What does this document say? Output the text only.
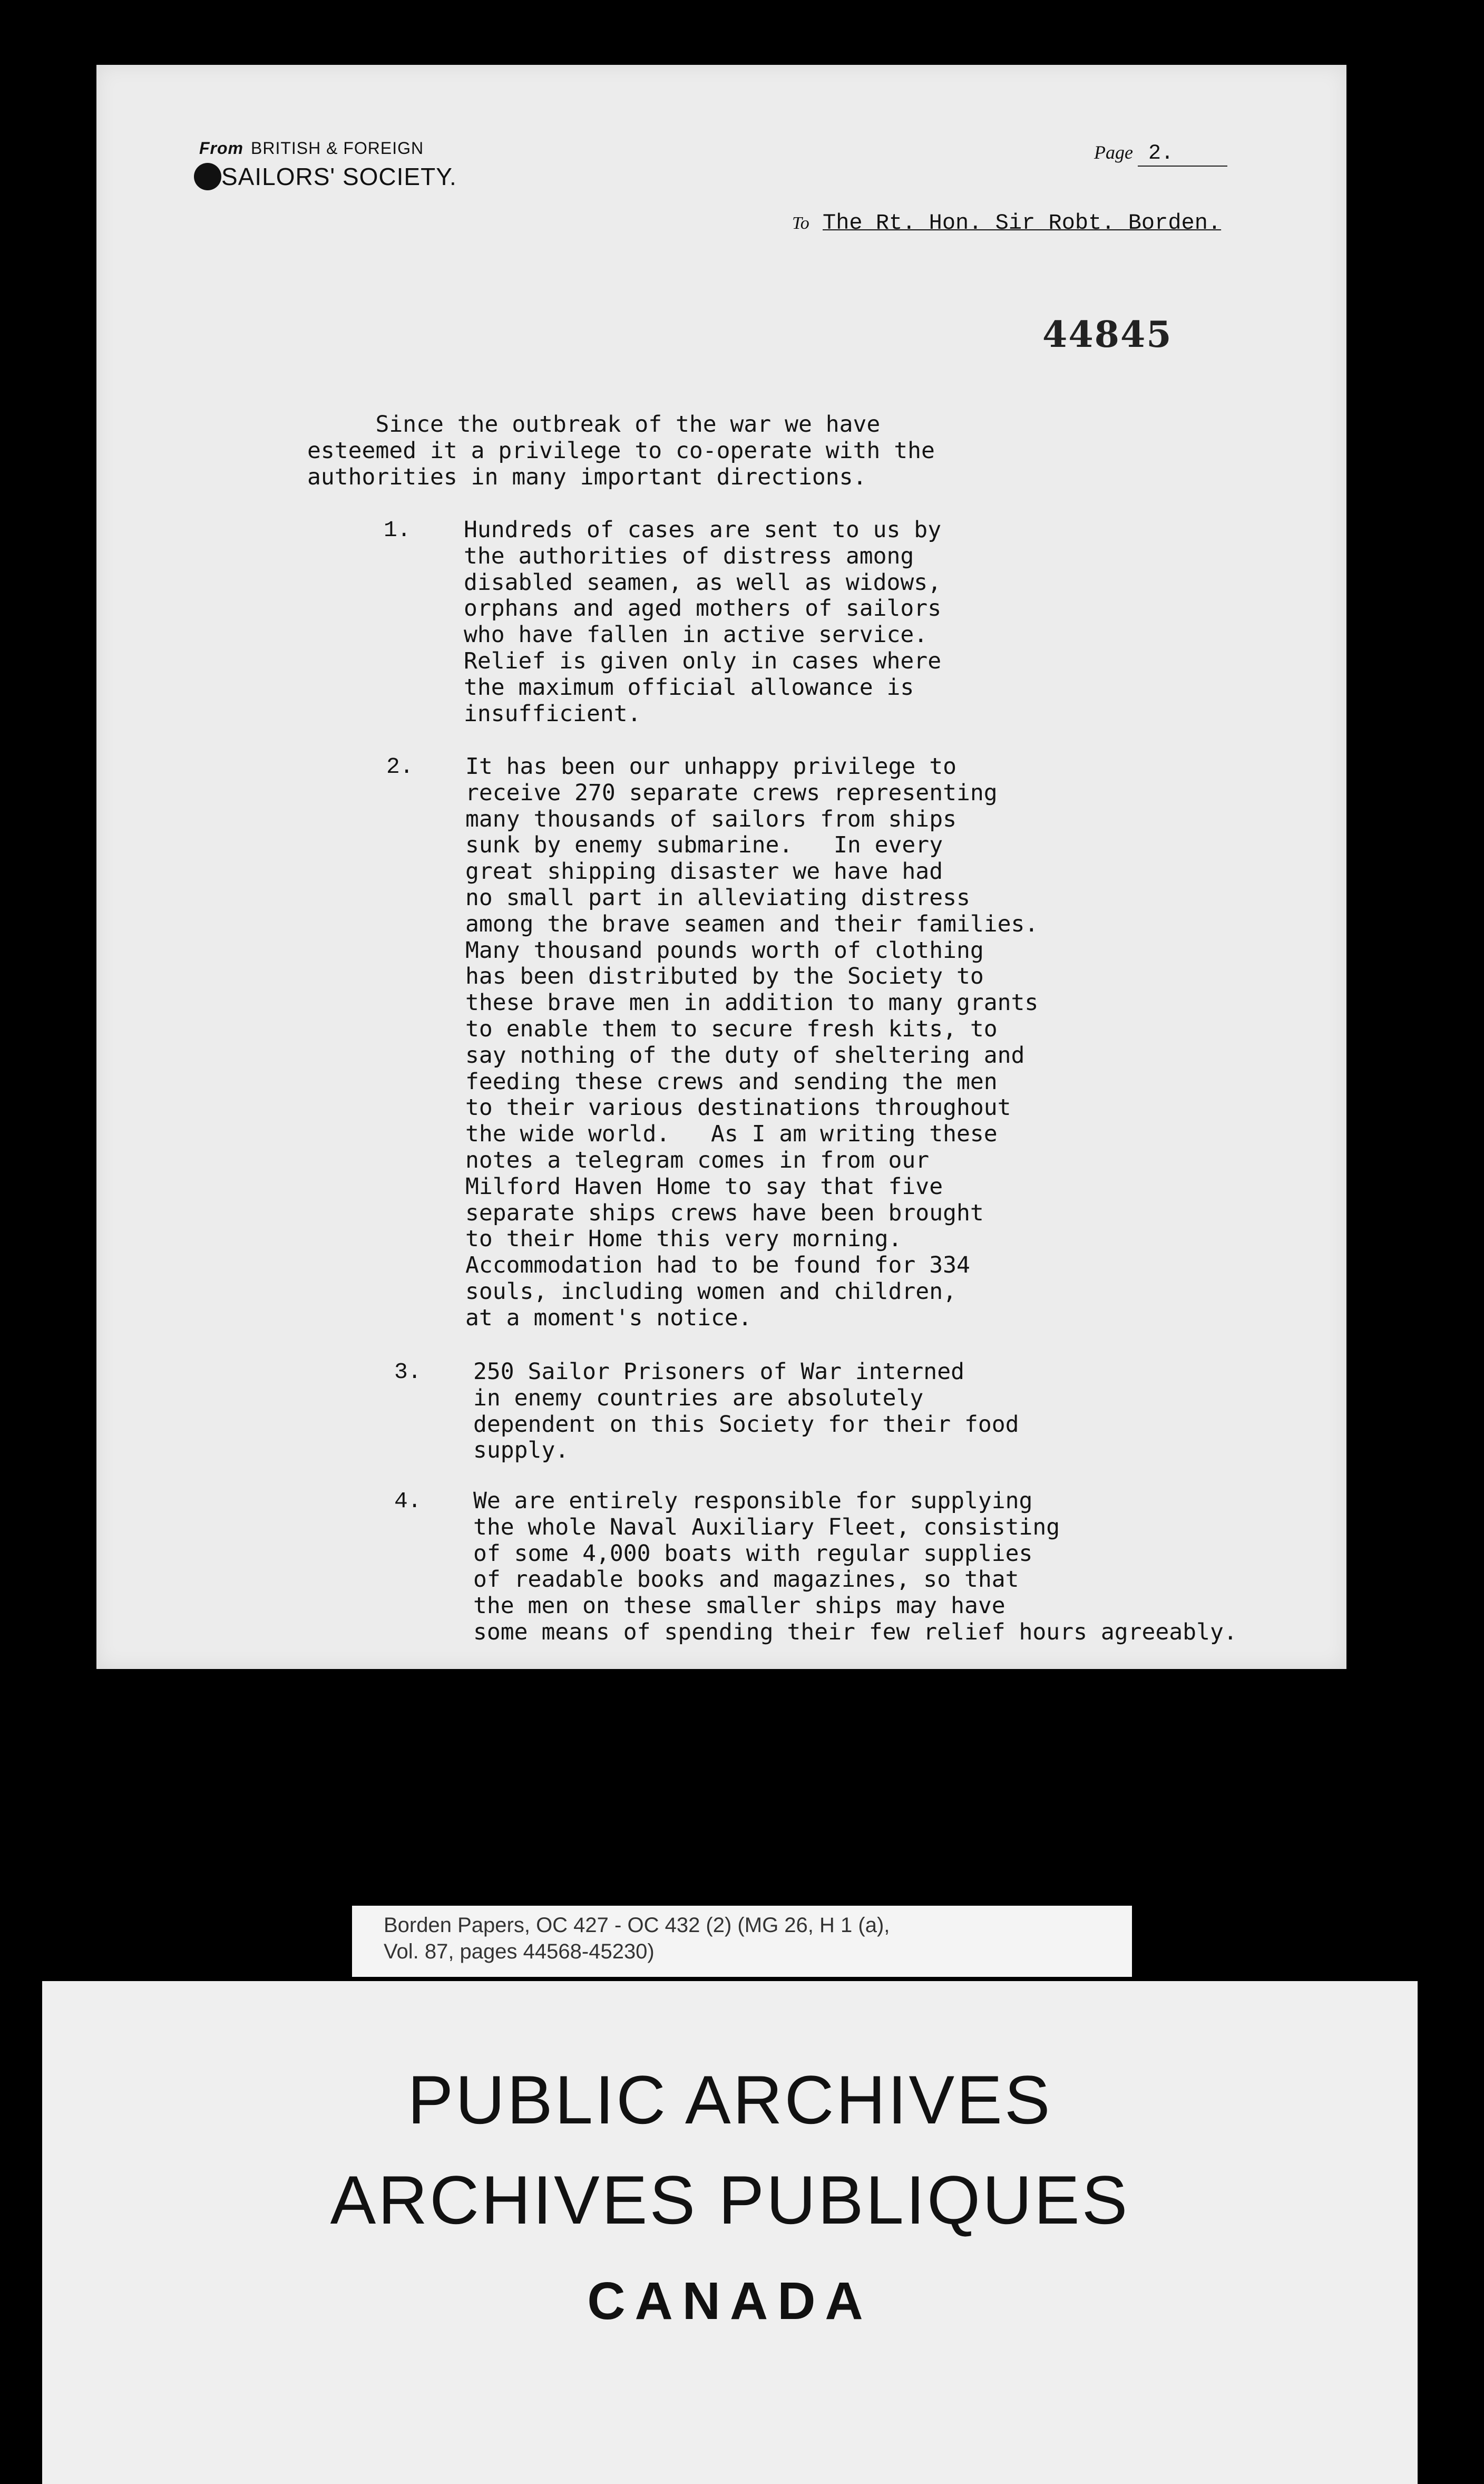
From BRITISH & FOREIGN
SAILORS' SOCIETY.
Page 2.
To The Rt. Hon. Sir Robt. Borden.
44845
Since the outbreak of the war we have
esteemed it a privilege to co-operate with the
authorities in many important directions.
1. Hundreds of cases are sent to us by
the authorities of distress among
disabled seamen, as well as widows,
orphans and aged mothers of sailors
who have fallen in active service.
Relief is given only in cases where
the maximum official allowance is
insufficient.
2. It has been our unhappy privilege to
receive 270 separate crews representing
many thousands of sailors from ships
sunk by enemy submarine.   In every
great shipping disaster we have had
no small part in alleviating distress
among the brave seamen and their families.
Many thousand pounds worth of clothing
has been distributed by the Society to
these brave men in addition to many grants
to enable them to secure fresh kits, to
say nothing of the duty of sheltering and
feeding these crews and sending the men
to their various destinations throughout
the wide world.   As I am writing these
notes a telegram comes in from our
Milford Haven Home to say that five
separate ships crews have been brought
to their Home this very morning.
Accommodation had to be found for 334
souls, including women and children,
at a moment's notice.
3. 250 Sailor Prisoners of War interned
in enemy countries are absolutely
dependent on this Society for their food
supply.
4. We are entirely responsible for supplying
the whole Naval Auxiliary Fleet, consisting
of some 4,000 boats with regular supplies
of readable books and magazines, so that
the men on these smaller ships may have
some means of spending their few relief hours agreeably.
Borden Papers, OC 427 - OC 432 (2) (MG 26, H 1 (a),
Vol. 87, pages 44568-45230)
PUBLIC ARCHIVES
ARCHIVES PUBLIQUES
CANADA
